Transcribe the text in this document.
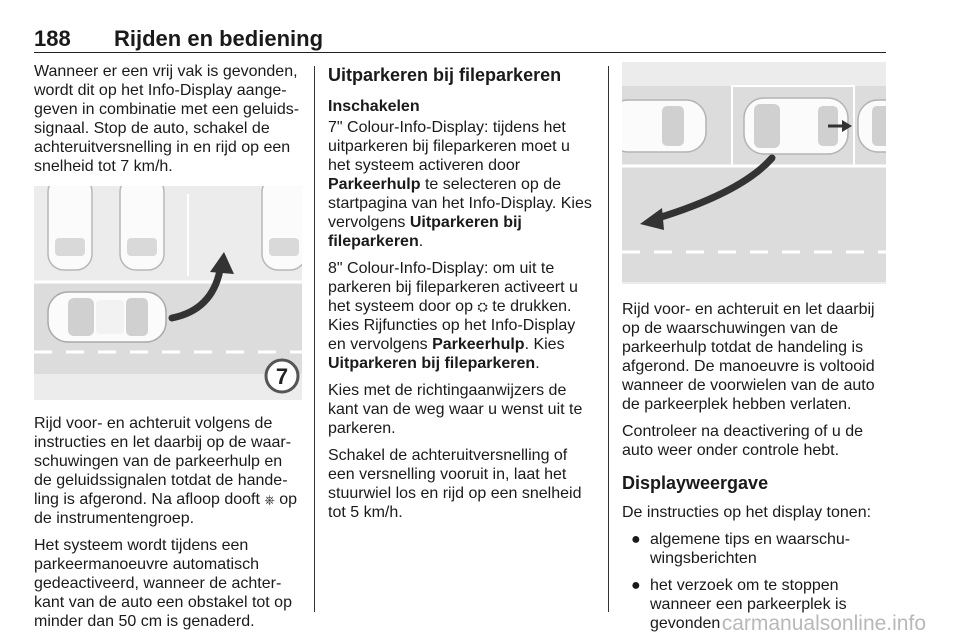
188 Rijden en bediening

Wanneer er een vrij vak is gevonden, wordt dit op het Info-Display aangegeven in combinatie met een geluidssignaal. Stop de auto, schakel de achteruitversnelling in en rijd op een snelheid tot 7 km/h.

7

Rijd voor- en achteruit volgens de instructies en let daarbij op de waarschuwingen van de parkeerhulp en de geluidssignalen totdat de handeling is afgerond. Na afloop dooft ⎈ op de instrumentengroep.

Het systeem wordt tijdens een parkeermanoeuvre automatisch gedeactiveerd, wanneer de achterkant van de auto een obstakel tot op minder dan 50 cm is genaderd.

Uitparkeren bij fileparkeren
Inschakelen

7" Colour-Info-Display: tijdens het uitparkeren bij fileparkeren moet u het systeem activeren door Parkeerhulp te selecteren op de startpagina van het Info-Display. Kies vervolgens Uitparkeren bij fileparkeren.

8" Colour-Info-Display: om uit te parkeren bij fileparkeren activeert u het systeem door op ⛭ te drukken. Kies Rijfuncties op het Info-Display en vervolgens Parkeerhulp. Kies Uitparkeren bij fileparkeren.

Kies met de richtingaanwijzers de kant van de weg waar u wenst uit te parkeren.

Schakel de achteruitversnelling of een versnelling vooruit in, laat het stuurwiel los en rijd op een snelheid tot 5 km/h.

Rijd voor- en achteruit en let daarbij op de waarschuwingen van de parkeerhulp totdat de handeling is afgerond. De manoeuvre is voltooid wanneer de voorwielen van de auto de parkeerplek hebben verlaten.

Controleer na deactivering of u de auto weer onder controle hebt.

Displayweergave

De instructies op het display tonen:

● algemene tips en waarschuwingsberichten
● het verzoek om te stoppen wanneer een parkeerplek is gevonden carmanualsonline.info
